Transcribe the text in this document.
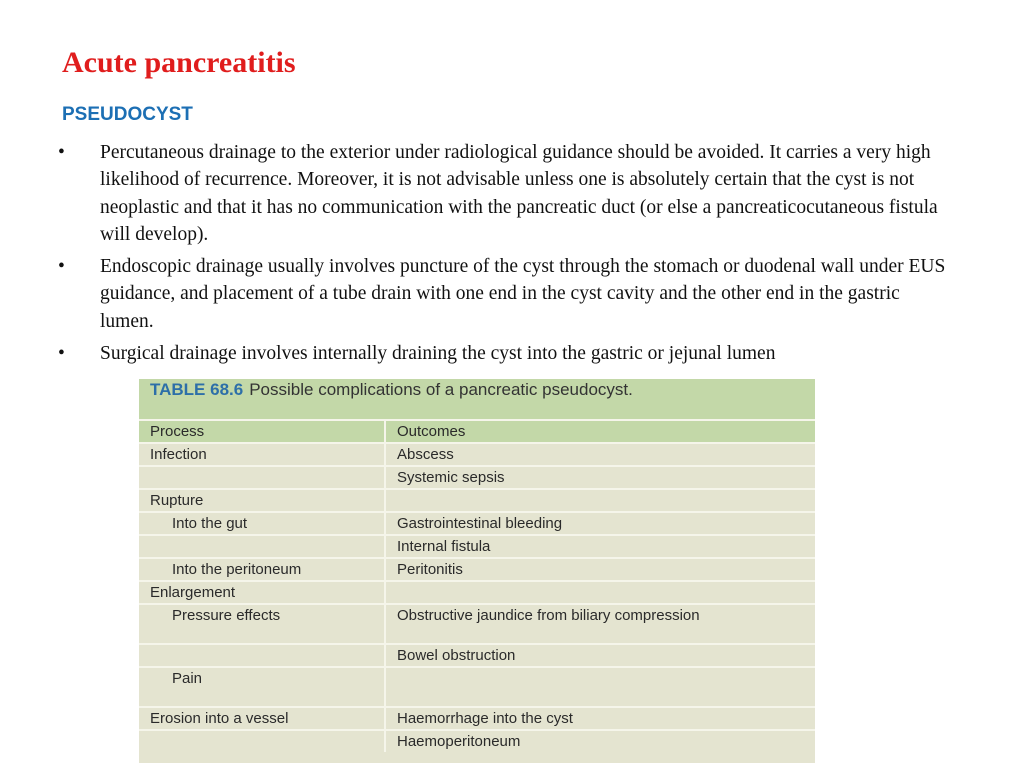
Acute pancreatitis
PSEUDOCYST
• Percutaneous drainage to the exterior under radiological guidance should be avoided. It carries a very high likelihood of recurrence. Moreover, it is not advisable unless one is absolutely certain that the cyst is not neoplastic and that it has no communication with the pancreatic duct (or else a pancreaticocutaneous fistula will develop).
• Endoscopic drainage usually involves puncture of the cyst through the stomach or duodenal wall under EUS guidance, and placement of a tube drain with one end in the cyst cavity and the other end in the gastric lumen.
• Surgical drainage involves internally draining the cyst into the gastric or jejunal lumen
TABLE 68.6 Possible complications of a pancreatic pseudocyst.
Process	Outcomes
Infection	Abscess
	Systemic sepsis
Rupture	
Into the gut	Gastrointestinal bleeding
	Internal fistula
Into the peritoneum	Peritonitis
Enlargement	
Pressure effects	Obstructive jaundice from biliary compression
	Bowel obstruction
Pain	
Erosion into a vessel	Haemorrhage into the cyst
	Haemoperitoneum
